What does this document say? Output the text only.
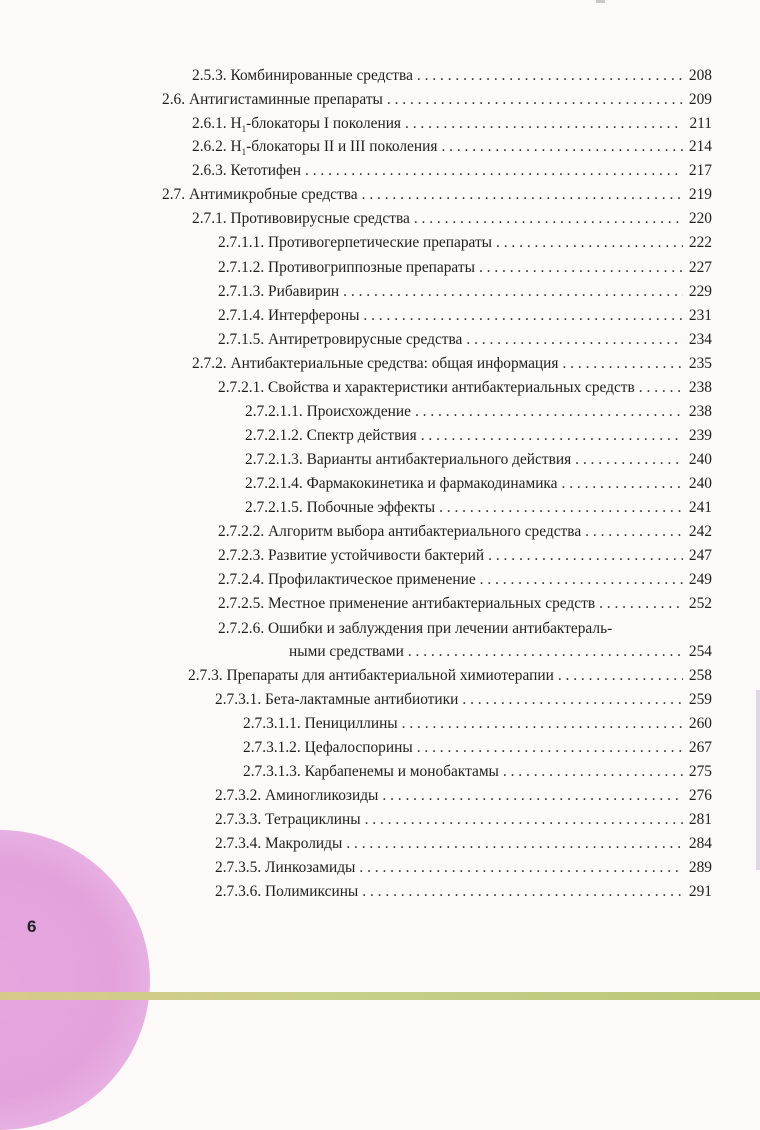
6
2.5.3. Комбинированные средства . . .	208
2.6. Антигистаминные препараты . . .	209
2.6.1. $H_1$-блокаторы I поколения . . .	211
2.6.2. $H_1$-блокаторы II и III поколения . . .	214
2.6.3. Кетотифен . . .	217
2.7. Антимикробные средства . . .	219
2.7.1. Противовирусные средства . . .	220
2.7.1.1. Противогерпетические препараты . . .	222
2.7.1.2. Противогриппозные препараты . . .	227
2.7.1.3. Рибавирин . . .	229
2.7.1.4. Интерфероны . . .	231
2.7.1.5. Антиретровирусные средства . . .	234
2.7.2. Антибактериальные средства: общая информация . . .	235
2.7.2.1. Свойства и характеристики антибактериальных средств . . .	238
2.7.2.1.1. Происхождение . . .	238
2.7.2.1.2. Спектр действия . . .	239
2.7.2.1.3. Варианты антибактериального действия . . .	240
2.7.2.1.4. Фармакокинетика и фармакодинамика . . .	240
2.7.2.1.5. Побочные эффекты . . .	241
2.7.2.2. Алгоритм выбора антибактериального средства . . .	242
2.7.2.3. Развитие устойчивости бактерий . . .	247
2.7.2.4. Профилактическое применение . . .	249
2.7.2.5. Местное применение антибактериальных средств . . .	252
2.7.2.6. Ошибки и заблуждения при лечении антибактераль-
ными средствами . . .	254
2.7.3. Препараты для антибактериальной химиотерапии . . .	258
2.7.3.1. Бета-лактамные антибиотики . . .	259
2.7.3.1.1. Пенициллины . . .	260
2.7.3.1.2. Цефалоспорины . . .	267
2.7.3.1.3. Карбапенемы и монобактамы . . .	275
2.7.3.2. Аминогликозиды . . .	276
2.7.3.3. Тетрациклины . . .	281
2.7.3.4. Макролиды . . .	284
2.7.3.5. Линкозамиды . . .	289
2.7.3.6. Полимиксины . . .	291
